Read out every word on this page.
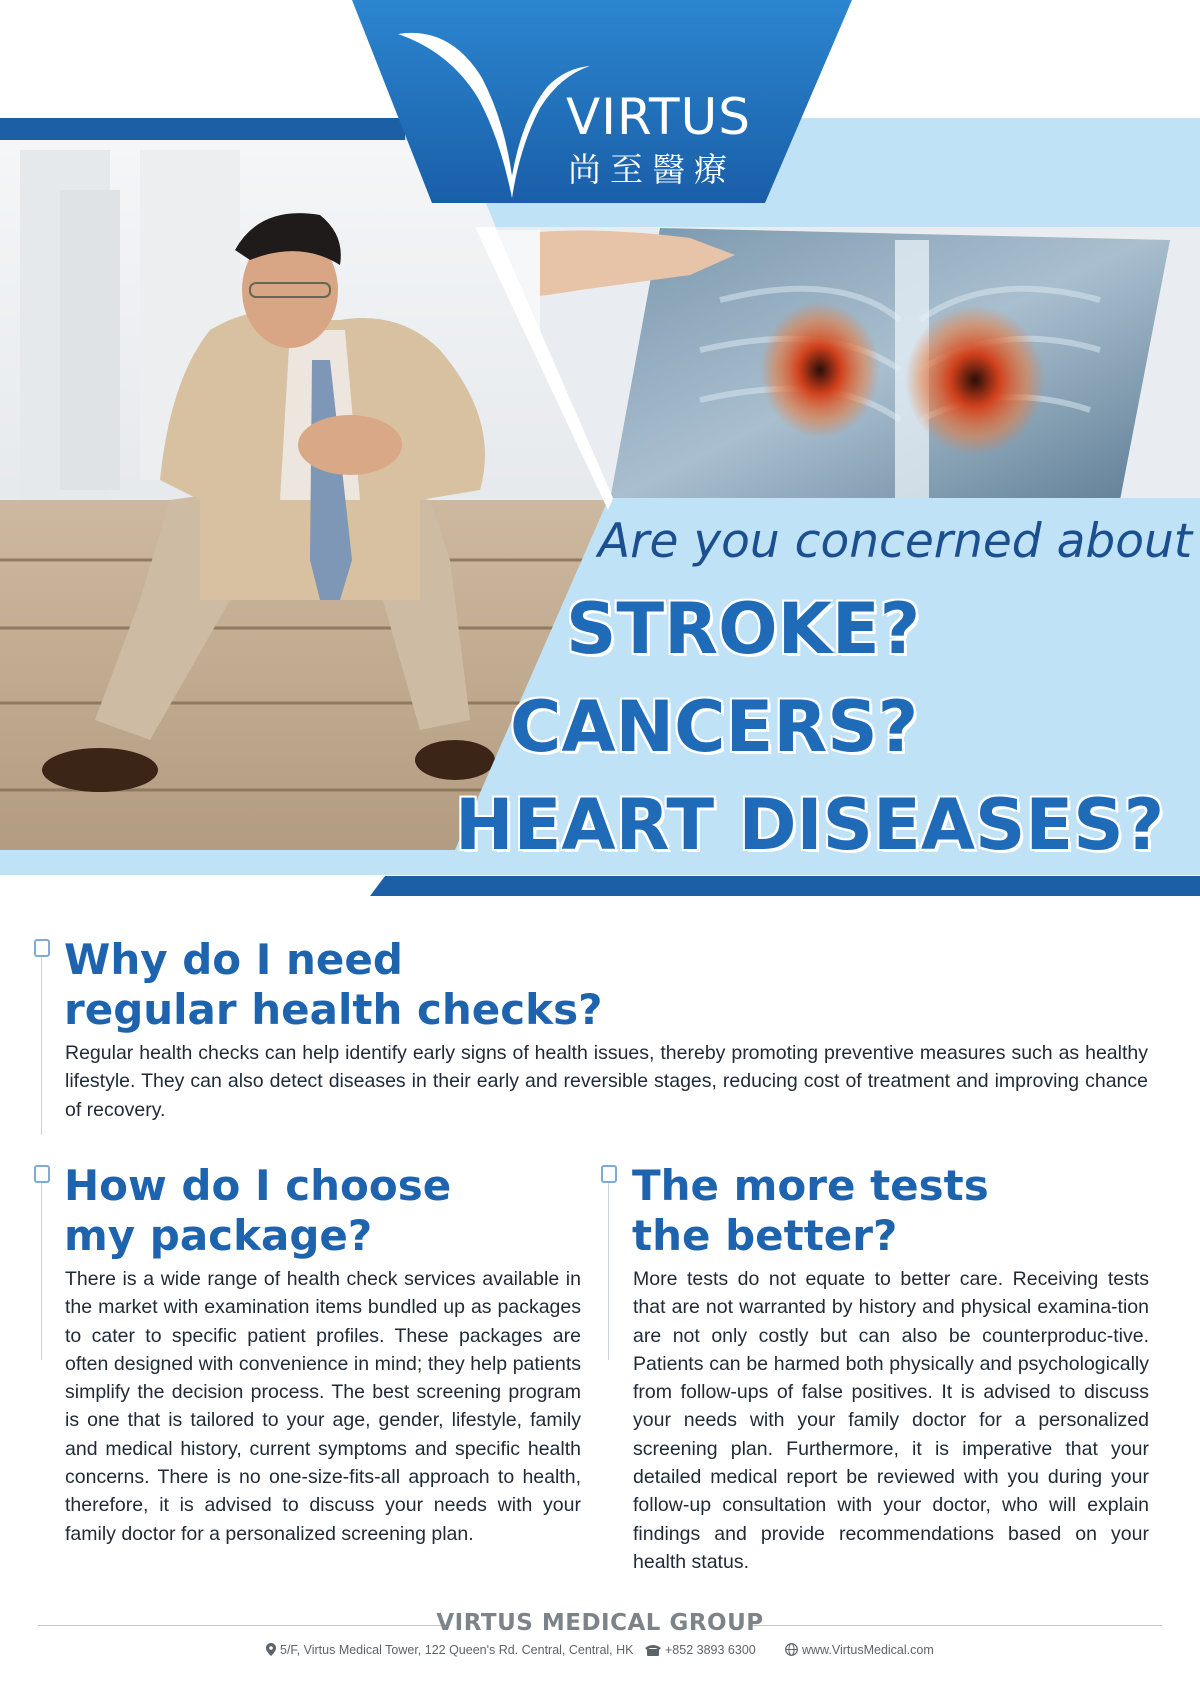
VIRTUS
尚至醫療
Are you concerned about
STROKE?
CANCERS?
HEART DISEASES?
Why do I need
regular health checks?
Regular health checks can help identify early signs of health issues, thereby promoting preventive measures such as healthy lifestyle. They can also detect diseases in their early and reversible stages, reducing cost of treatment and improving chance of recovery.
How do I choose
my package?
There is a wide range of health check services available in the market with examination items bundled up as packages to cater to specific patient profiles. These packages are often designed with convenience in mind; they help patients simplify the decision process. The best screening program is one that is tailored to your age, gender, lifestyle, family and medical history, current symptoms and specific health concerns. There is no one-size-fits-all approach to health, therefore, it is advised to discuss your needs with your family doctor for a personalized screening plan.
The more tests
the better?
More tests do not equate to better care. Receiving tests that are not warranted by history and physical examina-tion are not only costly but can also be counterproduc-tive. Patients can be harmed both physically and psychologically from follow-ups of false positives. It is advised to discuss your needs with your family doctor for a personalized screening plan. Furthermore, it is imperative that your detailed medical report be reviewed with you during your follow-up consultation with your doctor, who will explain findings and provide recommendations based on your health status.
VIRTUS MEDICAL GROUP
5/F, Virtus Medical Tower, 122 Queen's Rd. Central, Central, HK	+852 3893 6300	www.VirtusMedical.com
